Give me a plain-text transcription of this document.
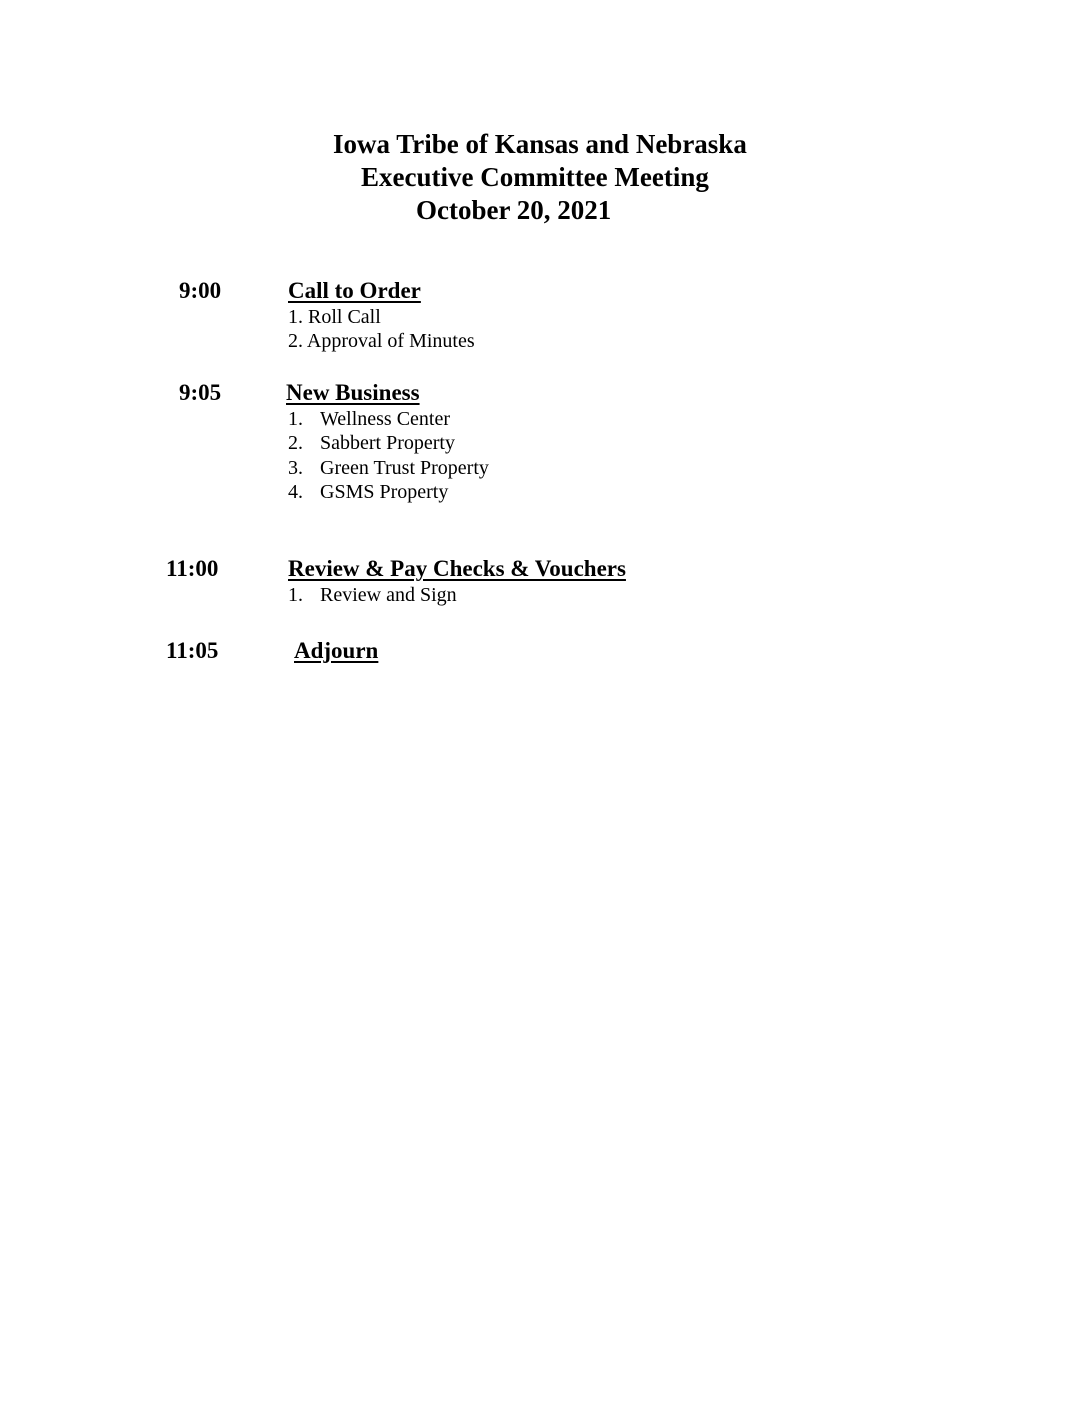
Iowa Tribe of Kansas and Nebraska
Executive Committee Meeting
October 20, 2021
9:00	Call to Order
1. Roll Call
2. Approval of Minutes
9:05	New Business
1. Wellness Center
2. Sabbert Property
3. Green Trust Property
4. GSMS Property
11:00	Review & Pay Checks & Vouchers
1. Review and Sign
11:05	Adjourn
